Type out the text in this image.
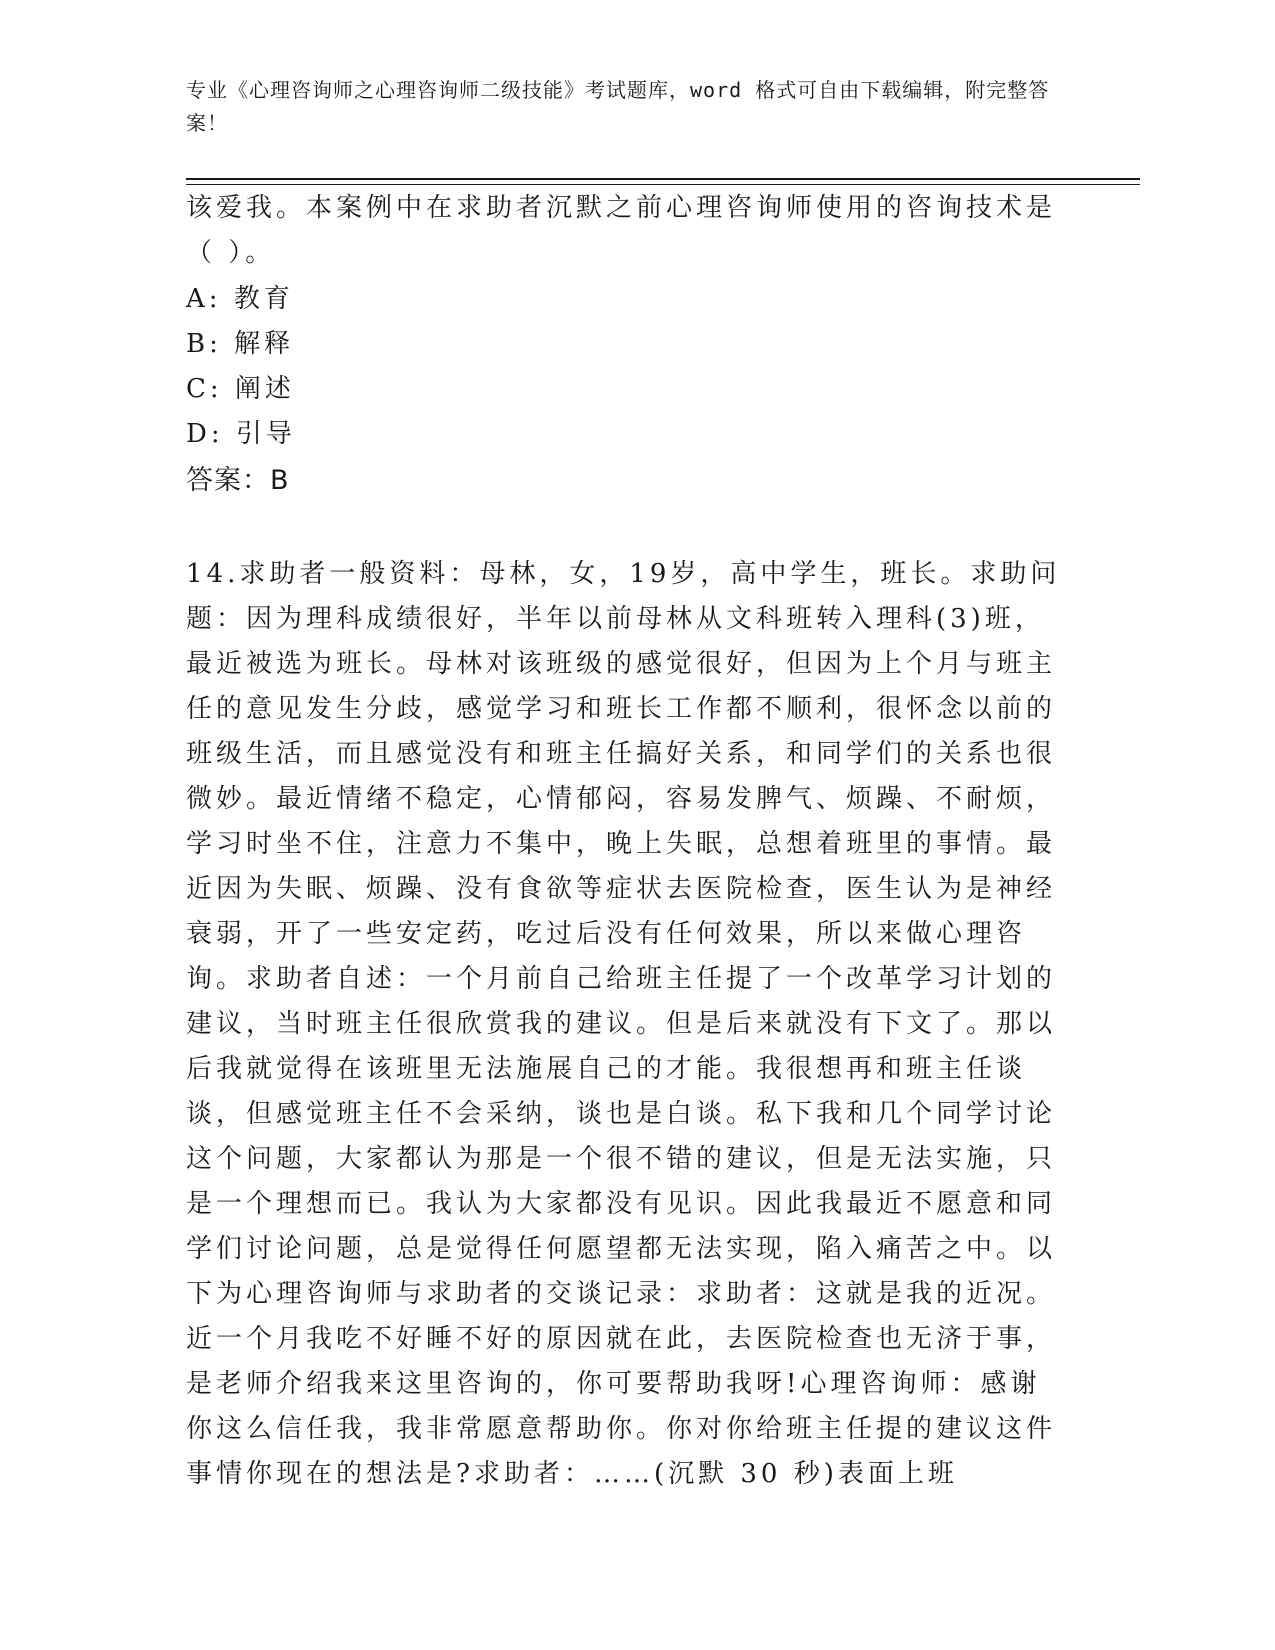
专业《心理咨询师之心理咨询师二级技能》考试题库，word 格式可自由下载编辑，附完整答案！

该爱我。本案例中在求助者沉默之前心理咨询师使用的咨询技术是（ ）。

A: 教育
B: 解释
C: 阐述
D: 引导
答案：B

14.求助者一般资料：母林，女，19岁，高中学生，班长。求助问题：因为理科成绩很好，半年以前母林从文科班转入理科(3)班，最近被选为班长。母林对该班级的感觉很好，但因为上个月与班主任的意见发生分歧，感觉学习和班长工作都不顺利，很怀念以前的班级生活，而且感觉没有和班主任搞好关系，和同学们的关系也很微妙。最近情绪不稳定，心情郁闷，容易发脾气、烦躁、不耐烦，学习时坐不住，注意力不集中，晚上失眠，总想着班里的事情。最近因为失眠、烦躁、没有食欲等症状去医院检查，医生认为是神经衰弱，开了一些安定药，吃过后没有任何效果，所以来做心理咨询。求助者自述：一个月前自己给班主任提了一个改革学习计划的建议，当时班主任很欣赏我的建议。但是后来就没有下文了。那以后我就觉得在该班里无法施展自己的才能。我很想再和班主任谈谈，但感觉班主任不会采纳，谈也是白谈。私下我和几个同学讨论这个问题，大家都认为那是一个很不错的建议，但是无法实施，只是一个理想而已。我认为大家都没有见识。因此我最近不愿意和同学们讨论问题，总是觉得任何愿望都无法实现，陷入痛苦之中。以下为心理咨询师与求助者的交谈记录：求助者：这就是我的近况。近一个月我吃不好睡不好的原因就在此，去医院检查也无济于事，是老师介绍我来这里咨询的，你可要帮助我呀!心理咨询师：感谢你这么信任我，我非常愿意帮助你。你对你给班主任提的建议这件事情你现在的想法是?求助者：……(沉默 30 秒)表面上班
